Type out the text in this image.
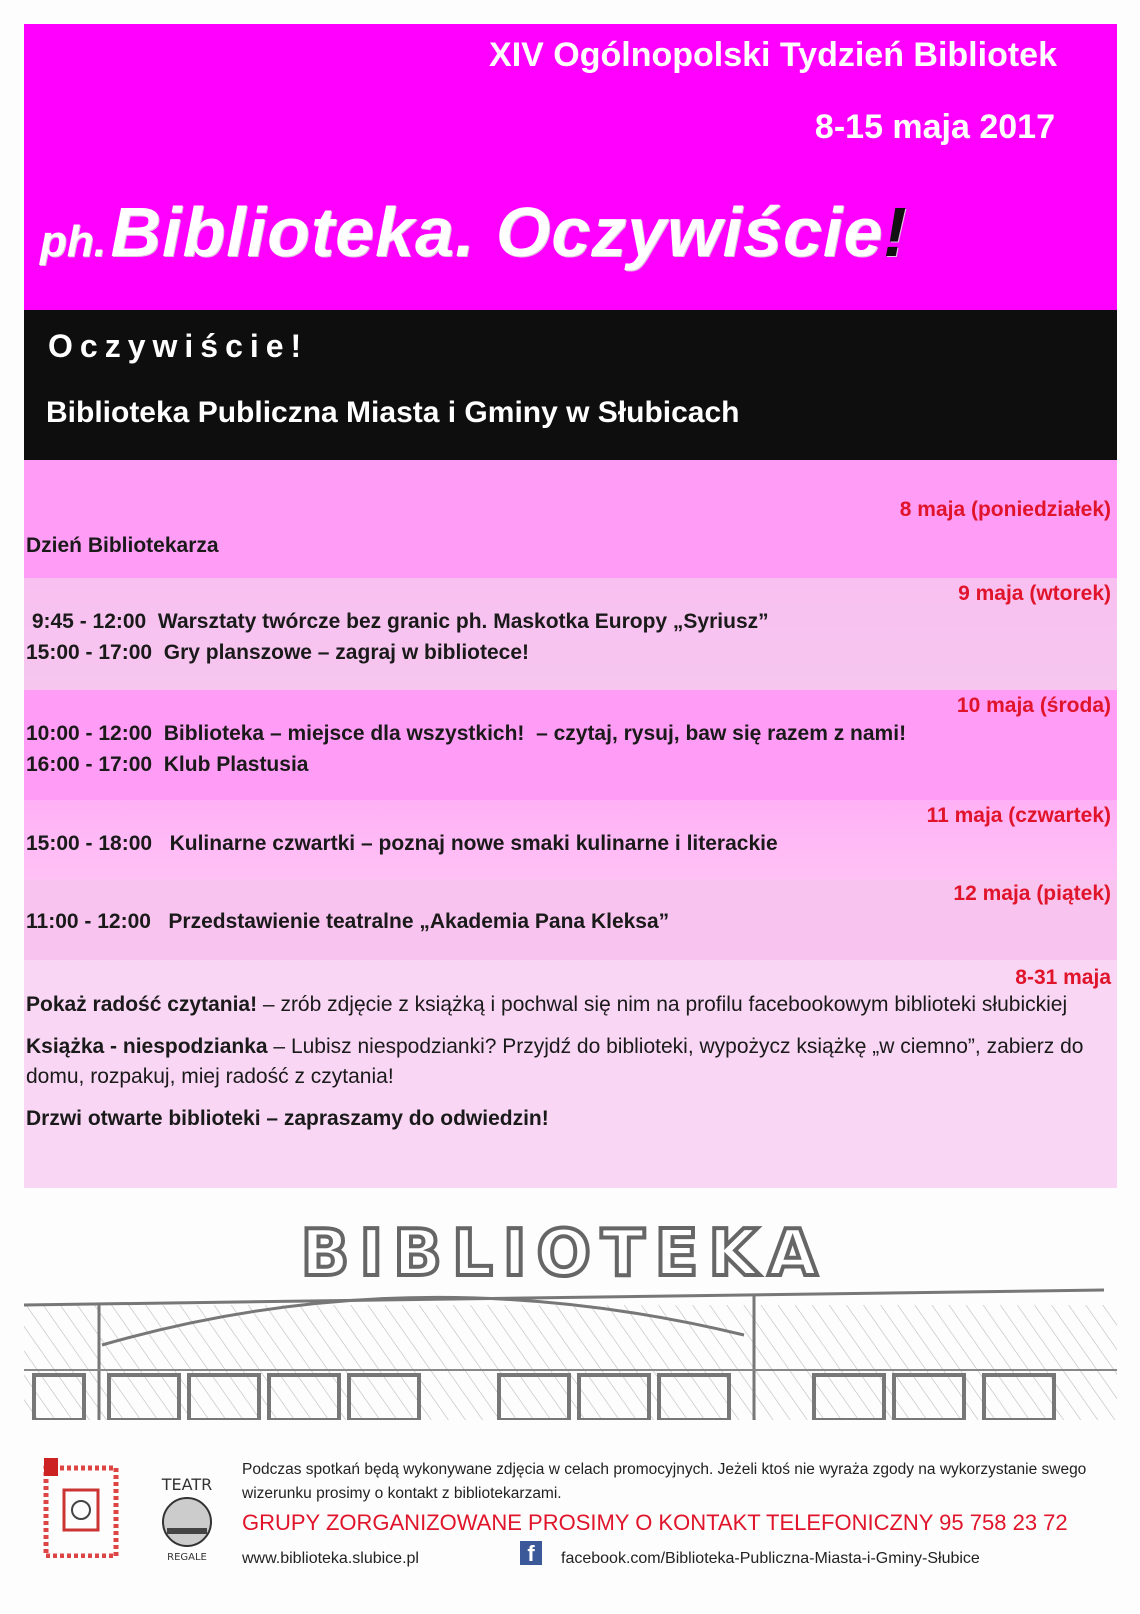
XIV Ogólnopolski Tydzień Bibliotek
8-15 maja 2017
ph. Biblioteka. Oczywiście!
Oczywiście!
Biblioteka Publiczna Miasta i Gminy w Słubicach
8 maja (poniedziałek)
Dzień Bibliotekarza
9 maja (wtorek)
9:45 - 12:00  Warsztaty twórcze bez granic ph. Maskotka Europy „Syriusz”
15:00 - 17:00  Gry planszowe – zagraj w bibliotece!
10 maja (środa)
10:00 - 12:00  Biblioteka – miejsce dla wszystkich!  – czytaj, rysuj, baw się razem z nami!
16:00 - 17:00  Klub Plastusia
11 maja (czwartek)
15:00 - 18:00   Kulinarne czwartki – poznaj nowe smaki kulinarne i literackie
12 maja (piątek)
11:00 - 12:00   Przedstawienie teatralne „Akademia Pana Kleksa”
8-31 maja
Pokaż radość czytania! – zrób zdjęcie z książką i pochwal się nim na profilu facebookowym biblioteki słubickiej
Książka - niespodzianka – Lubisz niespodzianki? Przyjdź do biblioteki, wypożycz książkę „w ciemno”, zabierz do domu, rozpakuj, miej radość z czytania!
Drzwi otwarte biblioteki – zapraszamy do odwiedzin!
BIBLIOTEKA
TEATR
REGALE
Podczas spotkań będą wykonywane zdjęcia w celach promocyjnych. Jeżeli ktoś nie wyraża zgody na wykorzystanie swego wizerunku prosimy o kontakt z bibliotekarzami.
GRUPY ZORGANIZOWANE PROSIMY O KONTAKT TELEFONICZNY 95 758 23 72
www.biblioteka.slubice.pl	f	facebook.com/Biblioteka-Publiczna-Miasta-i-Gminy-Słubice
